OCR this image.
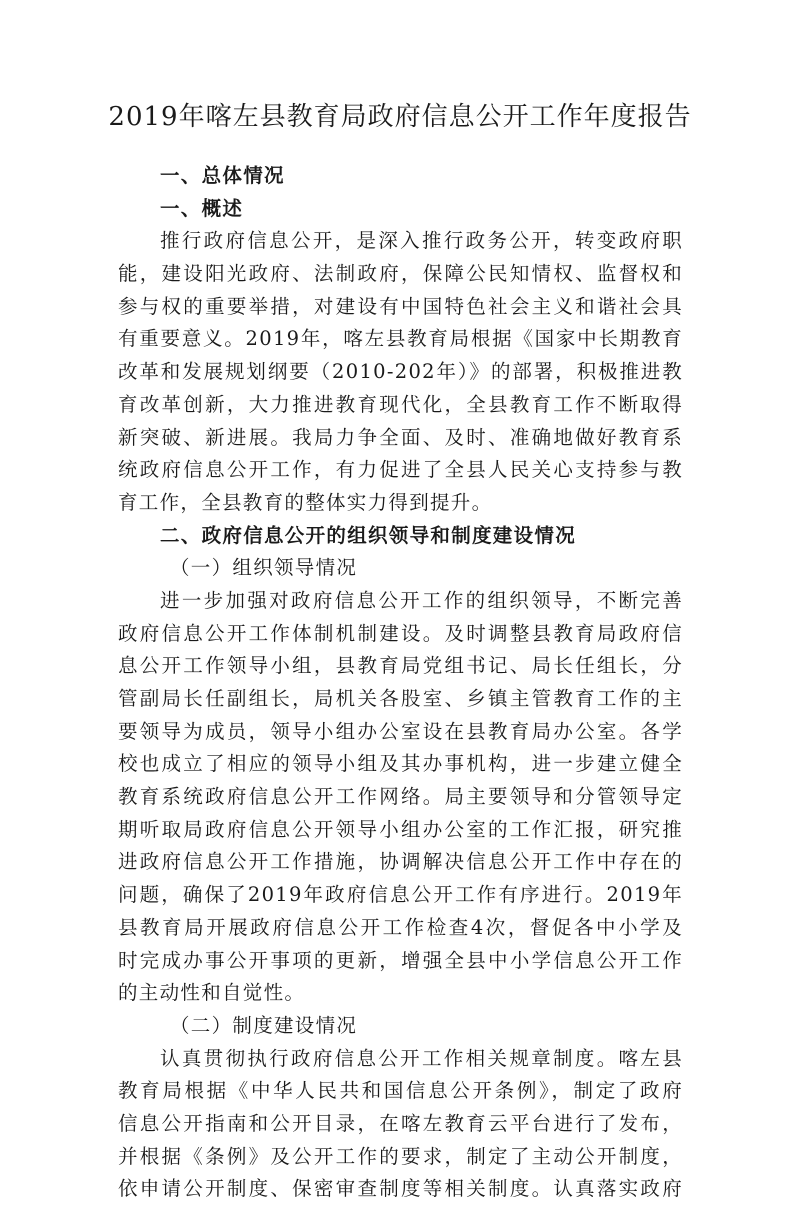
2019年喀左县教育局政府信息公开工作年度报告
一、总体情况
一、概述
推行政府信息公开，是深入推行政务公开，转变政府职
能，建设阳光政府、法制政府，保障公民知情权、监督权和
参与权的重要举措，对建设有中国特色社会主义和谐社会具
有重要意义。2019年，喀左县教育局根据《国家中长期教育
改革和发展规划纲要（2010-202年）》的部署，积极推进教
育改革创新，大力推进教育现代化，全县教育工作不断取得
新突破、新进展。我局力争全面、及时、准确地做好教育系
统政府信息公开工作，有力促进了全县人民关心支持参与教
育工作，全县教育的整体实力得到提升。
二、政府信息公开的组织领导和制度建设情况
（一）组织领导情况
进一步加强对政府信息公开工作的组织领导，不断完善
政府信息公开工作体制机制建设。及时调整县教育局政府信
息公开工作领导小组，县教育局党组书记、局长任组长，分
管副局长任副组长，局机关各股室、乡镇主管教育工作的主
要领导为成员，领导小组办公室设在县教育局办公室。各学
校也成立了相应的领导小组及其办事机构，进一步建立健全
教育系统政府信息公开工作网络。局主要领导和分管领导定
期听取局政府信息公开领导小组办公室的工作汇报，研究推
进政府信息公开工作措施，协调解决信息公开工作中存在的
问题，确保了2019年政府信息公开工作有序进行。2019年
县教育局开展政府信息公开工作检查4次，督促各中小学及
时完成办事公开事项的更新，增强全县中小学信息公开工作
的主动性和自觉性。
（二）制度建设情况
认真贯彻执行政府信息公开工作相关规章制度。喀左县
教育局根据《中华人民共和国信息公开条例》，制定了政府
信息公开指南和公开目录，在喀左教育云平台进行了发布，
并根据《条例》及公开工作的要求，制定了主动公开制度，
依申请公开制度、保密审查制度等相关制度。认真落实政府
